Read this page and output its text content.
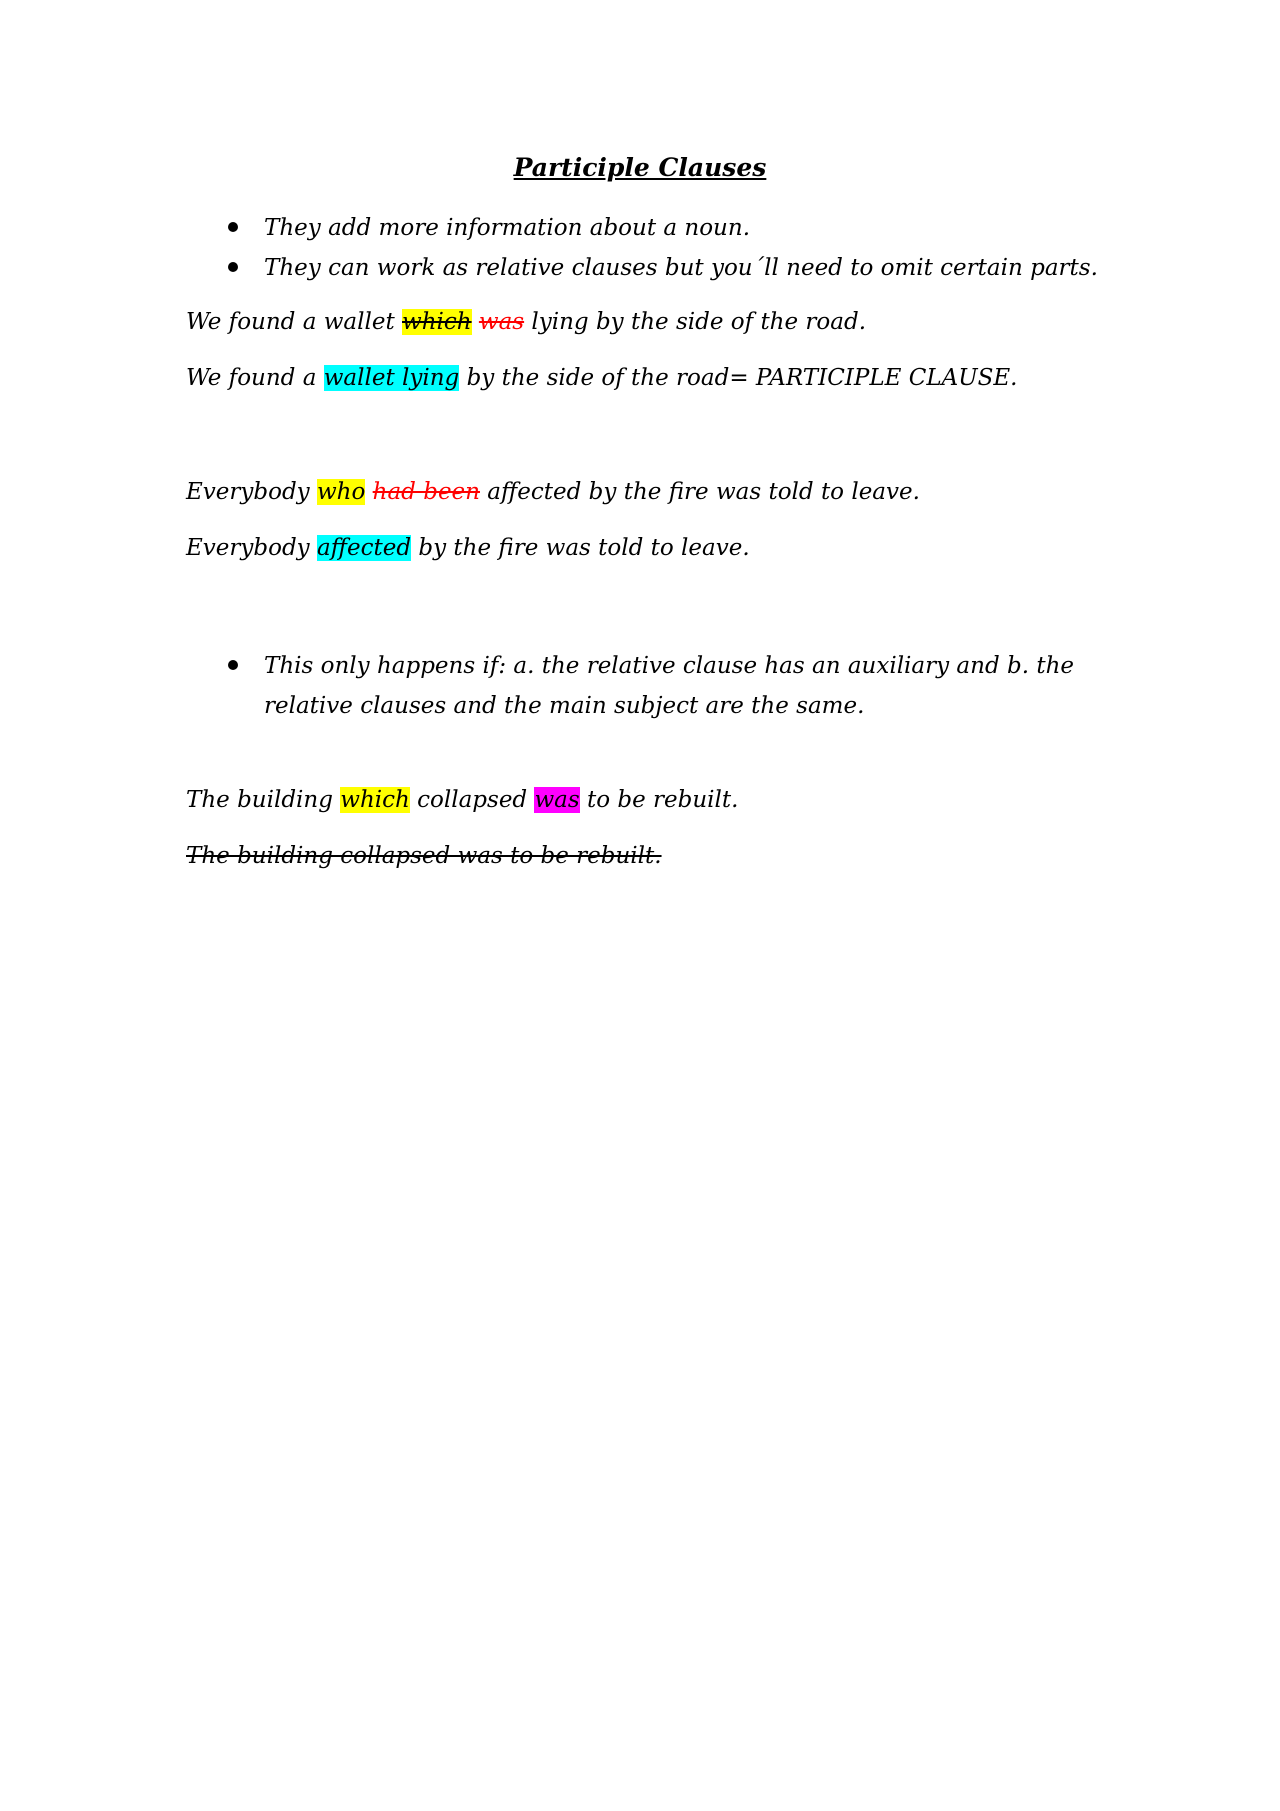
Participle Clauses
They add more information about a noun.
They can work as relative clauses but you´ll need to omit certain parts.
We found a wallet which was lying by the side of the road.
We found a wallet lying by the side of the road= PARTICIPLE CLAUSE.
Everybody who had been affected by the fire was told to leave.
Everybody affected by the fire was told to leave.
This only happens if: a. the relative clause has an auxiliary and b. the relative clauses and the main subject are the same.
The building which collapsed was to be rebuilt.
The building collapsed was to be rebuilt.
